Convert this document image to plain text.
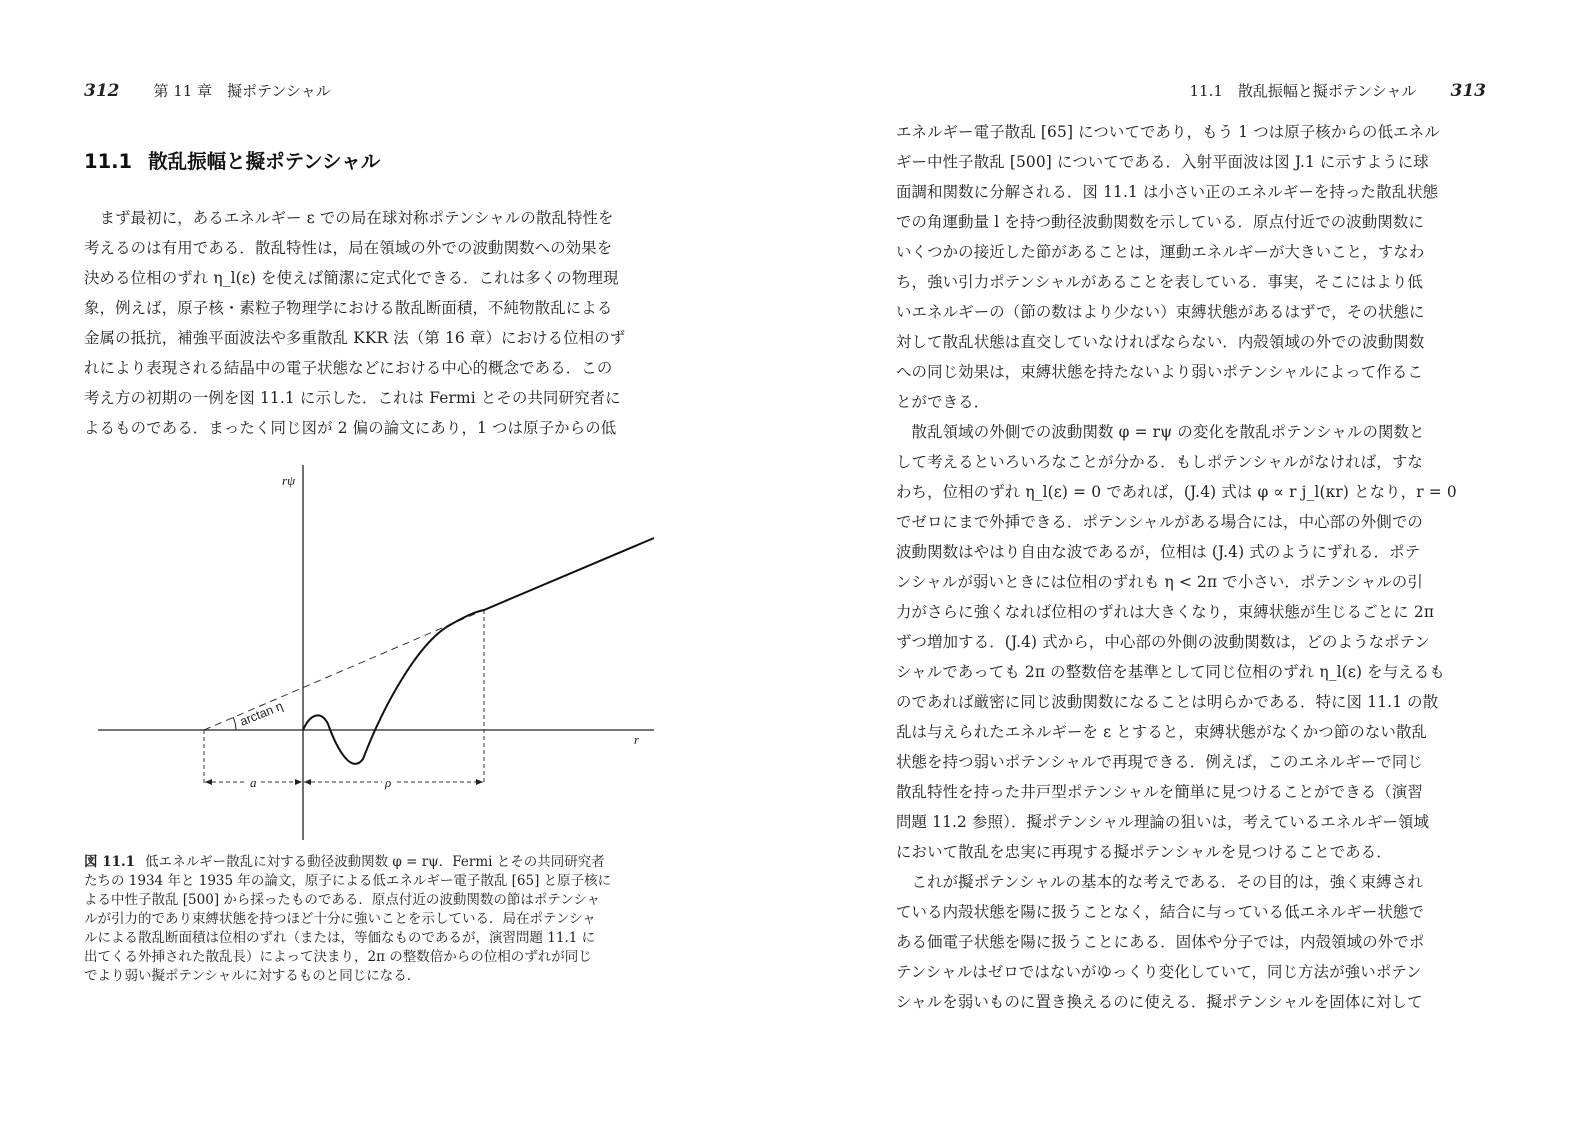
312 第 11 章　擬ポテンシャル
11.1 散乱振幅と擬ポテンシャル
　まず最初に，あるエネルギー ε での局在球対称ポテンシャルの散乱特性を
考えるのは有用である．散乱特性は，局在領域の外での波動関数への効果を
決める位相のずれ η_l(ε) を使えば簡潔に定式化できる．これは多くの物理現
象，例えば，原子核・素粒子物理学における散乱断面積，不純物散乱による
金属の抵抗，補強平面波法や多重散乱 KKR 法（第 16 章）における位相のず
れにより表現される結晶中の電子状態などにおける中心的概念である．この
考え方の初期の一例を図 11.1 に示した．これは Fermi とその共同研究者に
よるものである．まったく同じ図が 2 偏の論文にあり，1 つは原子からの低
arctan η
rψ
r
a	ρ
図 11.1 低エネルギー散乱に対する動径波動関数 φ = rψ．Fermi とその共同研究者
たちの 1934 年と 1935 年の論文，原子による低エネルギー電子散乱 [65] と原子核に
よる中性子散乱 [500] から採ったものである．原点付近の波動関数の節はポテンシャ
ルが引力的であり束縛状態を持つほど十分に強いことを示している．局在ポテンシャ
ルによる散乱断面積は位相のずれ（または，等価なものであるが，演習問題 11.1 に
出てくる外挿された散乱長）によって決まり，2π の整数倍からの位相のずれが同じ
でより弱い擬ポテンシャルに対するものと同じになる．
11.1　散乱振幅と擬ポテンシャル 313
エネルギー電子散乱 [65] についてであり，もう 1 つは原子核からの低エネル
ギー中性子散乱 [500] についてである．入射平面波は図 J.1 に示すように球
面調和関数に分解される．図 11.1 は小さい正のエネルギーを持った散乱状態
での角運動量 l を持つ動径波動関数を示している．原点付近での波動関数に
いくつかの接近した節があることは，運動エネルギーが大きいこと，すなわ
ち，強い引力ポテンシャルがあることを表している．事実，そこにはより低
いエネルギーの（節の数はより少ない）束縛状態があるはずで，その状態に
対して散乱状態は直交していなければならない．内殻領域の外での波動関数
への同じ効果は，束縛状態を持たないより弱いポテンシャルによって作るこ
とができる．
　散乱領域の外側での波動関数 φ = rψ の変化を散乱ポテンシャルの関数と
して考えるといろいろなことが分かる．もしポテンシャルがなければ，すな
わち，位相のずれ η_l(ε) = 0 であれば，(J.4) 式は φ ∝ r j_l(κr) となり，r = 0
でゼロにまで外挿できる．ポテンシャルがある場合には，中心部の外側での
波動関数はやはり自由な波であるが，位相は (J.4) 式のようにずれる．ポテ
ンシャルが弱いときには位相のずれも η < 2π で小さい．ポテンシャルの引
力がさらに強くなれば位相のずれは大きくなり，束縛状態が生じるごとに 2π
ずつ増加する．(J.4) 式から，中心部の外側の波動関数は，どのようなポテン
シャルであっても 2π の整数倍を基準として同じ位相のずれ η_l(ε) を与えるも
のであれば厳密に同じ波動関数になることは明らかである．特に図 11.1 の散
乱は与えられたエネルギーを ε とすると，束縛状態がなくかつ節のない散乱
状態を持つ弱いポテンシャルで再現できる．例えば，このエネルギーで同じ
散乱特性を持った井戸型ポテンシャルを簡単に見つけることができる（演習
問題 11.2 参照）．擬ポテンシャル理論の狙いは，考えているエネルギー領域
において散乱を忠実に再現する擬ポテンシャルを見つけることである．
　これが擬ポテンシャルの基本的な考えである．その目的は，強く束縛され
ている内殻状態を陽に扱うことなく，結合に与っている低エネルギー状態で
ある価電子状態を陽に扱うことにある．固体や分子では，内殻領域の外でポ
テンシャルはゼロではないがゆっくり変化していて，同じ方法が強いポテン
シャルを弱いものに置き換えるのに使える．擬ポテンシャルを固体に対して
